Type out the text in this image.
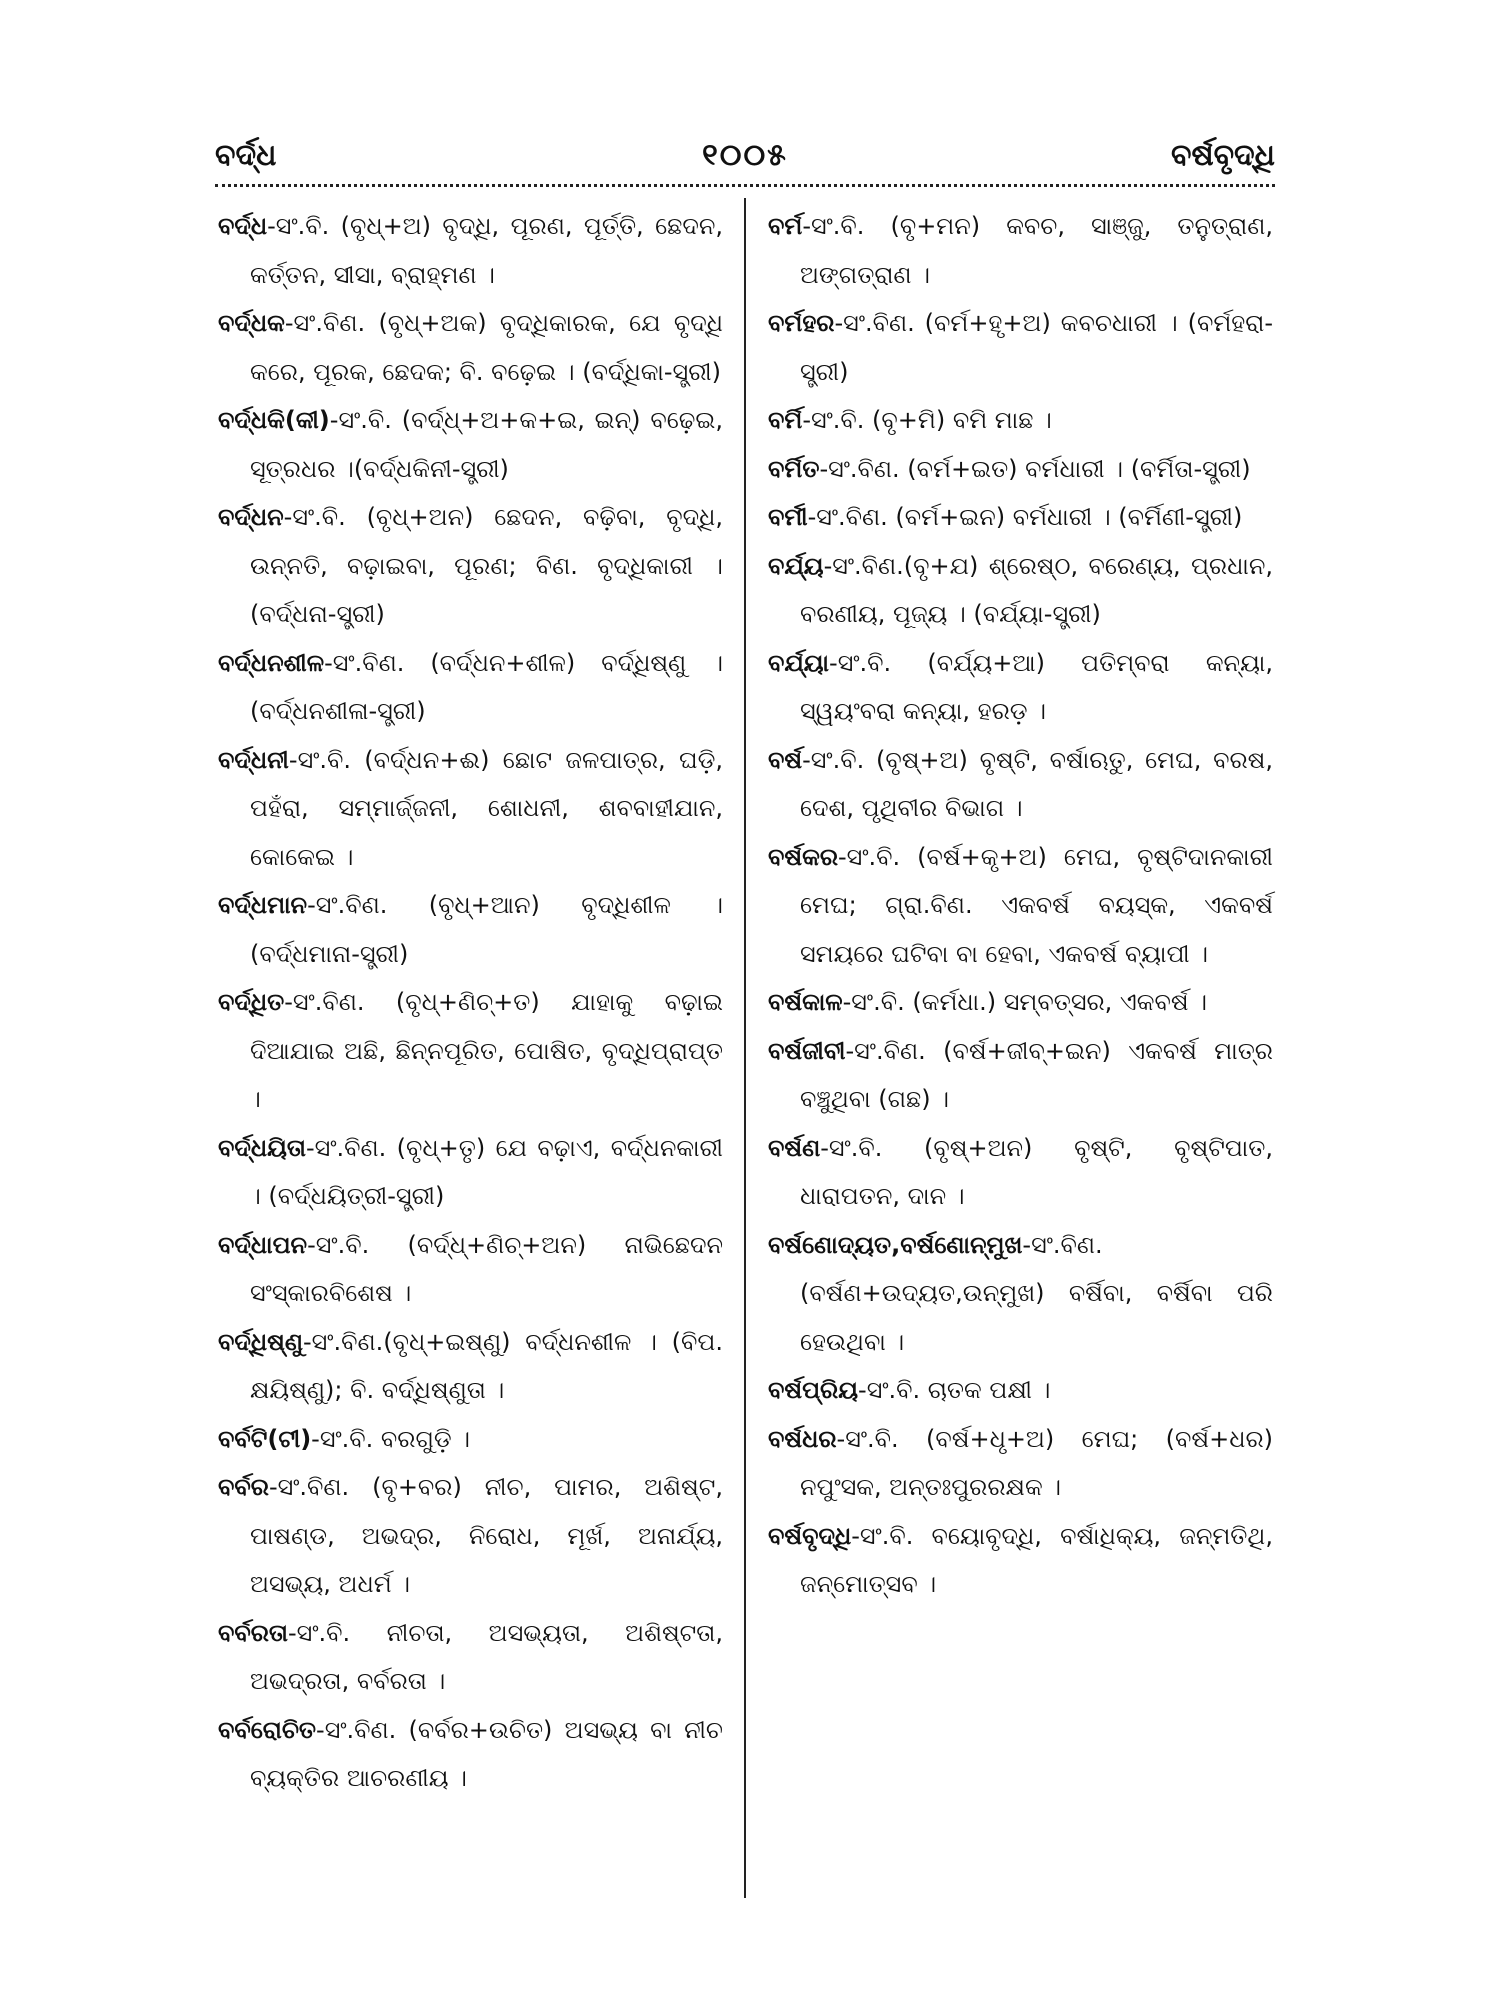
ବର୍ଦ୍ଧ	୧୦୦୫	ବର୍ଷବୃଦ୍ଧି

ବର୍ଦ୍ଧ-ସଂ.ବି. (ବୃଧ୍+ଅ) ବୃଦ୍ଧି, ପୂରଣ, ପୂର୍ତ୍ତି, ଛେଦନ, କର୍ତ୍ତନ, ସୀସା, ବ୍ରାହ୍ମଣ ।

ବର୍ଦ୍ଧକ-ସଂ.ବିଣ. (ବୃଧ୍+ଅକ) ବୃଦ୍ଧିକାରକ, ଯେ ବୃଦ୍ଧି କରେ, ପୂରକ, ଛେଦକ; ବି. ବଢ଼େଇ । (ବର୍ଦ୍ଧିକା-ସ୍ତ୍ରୀ)

ବର୍ଦ୍ଧକି(କୀ)-ସଂ.ବି. (ବର୍ଦ୍ଧ୍+ଅ+କ+ଇ, ଇନ୍) ବଢ଼େଇ, ସୂତ୍ରଧର ।(ବର୍ଦ୍ଧକିନୀ-ସ୍ତ୍ରୀ)

ବର୍ଦ୍ଧନ-ସଂ.ବି. (ବୃଧ୍+ଅନ) ଛେଦନ, ବଢ଼ିବା, ବୃଦ୍ଧି, ଉନ୍ନତି, ବଢ଼ାଇବା, ପୂରଣ; ବିଣ. ବୃଦ୍ଧିକାରୀ । (ବର୍ଦ୍ଧନା-ସ୍ତ୍ରୀ)

ବର୍ଦ୍ଧନଶୀଳ-ସଂ.ବିଣ. (ବର୍ଦ୍ଧନ+ଶୀଳ) ବର୍ଦ୍ଧିଷ୍ଣୁ । (ବର୍ଦ୍ଧନଶୀଳା-ସ୍ତ୍ରୀ)

ବର୍ଦ୍ଧନୀ-ସଂ.ବି. (ବର୍ଦ୍ଧନ+ଈ) ଛୋଟ ଜଳପାତ୍ର, ଘଡ଼ି, ପହଁରା, ସମ୍ମାର୍ଜ୍ଜନୀ, ଶୋଧନୀ, ଶବବାହୀଯାନ, କୋକେଇ ।

ବର୍ଦ୍ଧମାନ-ସଂ.ବିଣ. (ବୃଧ୍+ଆନ) ବୃଦ୍ଧିଶୀଳ । (ବର୍ଦ୍ଧମାନା-ସ୍ତ୍ରୀ)

ବର୍ଦ୍ଧିତ-ସଂ.ବିଣ. (ବୃଧ୍+ଣିଚ୍+ତ) ଯାହାକୁ ବଢ଼ାଇ ଦିଆଯାଇ ଅଛି, ଛିନ୍ନପୂରିତ, ପୋଷିତ, ବୃଦ୍ଧିପ୍ରାପ୍ତ ।

ବର୍ଦ୍ଧୟିତା-ସଂ.ବିଣ. (ବୃଧ୍+ତୃ) ଯେ ବଢ଼ାଏ, ବର୍ଦ୍ଧନକାରୀ । (ବର୍ଦ୍ଧୟିତ୍ରୀ-ସ୍ତ୍ରୀ)

ବର୍ଦ୍ଧାପନ-ସଂ.ବି. (ବର୍ଦ୍ଧ୍+ଣିଚ୍+ଅନ) ନାଭିଛେଦନ ସଂସ୍କାରବିଶେଷ ।

ବର୍ଦ୍ଧିଷ୍ଣୁ-ସଂ.ବିଣ.(ବୃଧ୍+ଇଷ୍ଣୁ) ବର୍ଦ୍ଧନଶୀଳ । (ବିପ. କ୍ଷୟିଷ୍ଣୁ); ବି. ବର୍ଦ୍ଧିଷ୍ଣୁତା ।

ବର୍ବଟି(ଟୀ)-ସଂ.ବି. ବରଗୁଡ଼ି ।

ବର୍ବର-ସଂ.ବିଣ. (ବୃ+ବର) ନୀଚ, ପାମର, ଅଶିଷ୍ଟ, ପାଷଣ୍ଡ, ଅଭଦ୍ର, ନିରୋଧ, ମୂର୍ଖ, ଅନାର୍ଯ୍ୟ, ଅସଭ୍ୟ, ଅଧର୍ମ ।

ବର୍ବରତା-ସଂ.ବି. ନୀଚତା, ଅସଭ୍ୟତା, ଅଶିଷ୍ଟତା, ଅଭଦ୍ରତା, ବର୍ବରତା ।

ବର୍ବରୋଚିତ-ସଂ.ବିଣ. (ବର୍ବର+ଉଚିତ) ଅସଭ୍ୟ ବା ନୀଚ ବ୍ୟକ୍ତିର ଆଚରଣୀୟ ।

ବର୍ମ-ସଂ.ବି. (ବୃ+ମନ) କବଚ, ସାଞ୍ଜୁ, ତନୁତ୍ରାଣ, ଅଙ୍ଗତ୍ରାଣ ।

ବର୍ମହର-ସଂ.ବିଣ. (ବର୍ମ+ହୃ+ଅ) କବଚଧାରୀ । (ବର୍ମହରା-ସ୍ତ୍ରୀ)

ବର୍ମି-ସଂ.ବି. (ବୃ+ମି) ବମି ମାଛ ।

ବର୍ମିତ-ସଂ.ବିଣ. (ବର୍ମ+ଇତ) ବର୍ମଧାରୀ । (ବର୍ମିତା-ସ୍ତ୍ରୀ)

ବର୍ମୀ-ସଂ.ବିଣ. (ବର୍ମ+ଇନ) ବର୍ମଧାରୀ । (ବର୍ମିଣୀ-ସ୍ତ୍ରୀ)

ବର୍ଯ୍ୟ-ସଂ.ବିଣ.(ବୃ+ଯ) ଶ୍ରେଷ୍ଠ, ବରେଣ୍ୟ, ପ୍ରଧାନ, ବରଣୀୟ, ପୂଜ୍ୟ । (ବର୍ଯ୍ୟା-ସ୍ତ୍ରୀ)

ବର୍ଯ୍ୟା-ସଂ.ବି. (ବର୍ଯ୍ୟ+ଆ) ପତିମ୍ବରା କନ୍ୟା, ସ୍ୱୟଂବରା କନ୍ୟା, ହରଡ଼ ।

ବର୍ଷ-ସଂ.ବି. (ବୃଷ୍+ଅ) ବୃଷ୍ଟି, ବର୍ଷାଋତୁ, ମେଘ, ବରଷ, ଦେଶ, ପୃଥିବୀର ବିଭାଗ ।

ବର୍ଷକର-ସଂ.ବି. (ବର୍ଷ+କୃ+ଅ) ମେଘ, ବୃଷ୍ଟିଦାନକାରୀ ମେଘ; ଗ୍ରା.ବିଣ. ଏକବର୍ଷ ବୟସ୍କ, ଏକବର୍ଷ ସମୟରେ ଘଟିବା ବା ହେବା, ଏକବର୍ଷ ବ୍ୟାପୀ ।

ବର୍ଷକାଳ-ସଂ.ବି. (କର୍ମଧା.) ସମ୍ବତ୍ସର, ଏକବର୍ଷ ।

ବର୍ଷଜୀବୀ-ସଂ.ବିଣ. (ବର୍ଷ+ଜୀବ୍+ଇନ) ଏକବର୍ଷ ମାତ୍ର ବଞ୍ଚୁଥିବା (ଗଛ) ।

ବର୍ଷଣ-ସଂ.ବି. (ବୃଷ୍+ଅନ) ବୃଷ୍ଟି, ବୃଷ୍ଟିପାତ, ଧାରାପତନ, ଦାନ ।

ବର୍ଷଣୋଦ୍ୟତ,ବର୍ଷଣୋନ୍ମୁଖ-ସଂ.ବିଣ. (ବର୍ଷଣ+ଉଦ୍ୟତ,ଉନ୍ମୁଖ) ବର୍ଷିବା, ବର୍ଷିବା ପରି ହେଉଥିବା ।

ବର୍ଷପ୍ରିୟ-ସଂ.ବି. ଚାତକ ପକ୍ଷୀ ।

ବର୍ଷଧର-ସଂ.ବି. (ବର୍ଷ+ଧୃ+ଅ) ମେଘ; (ବର୍ଷ+ଧର) ନପୁଂସକ, ଅନ୍ତଃପୁରରକ୍ଷକ ।

ବର୍ଷବୃଦ୍ଧି-ସଂ.ବି. ବୟୋବୃଦ୍ଧି, ବର୍ଷାଧିକ୍ୟ, ଜନ୍ମତିଥି, ଜନ୍ମୋତ୍ସବ ।
